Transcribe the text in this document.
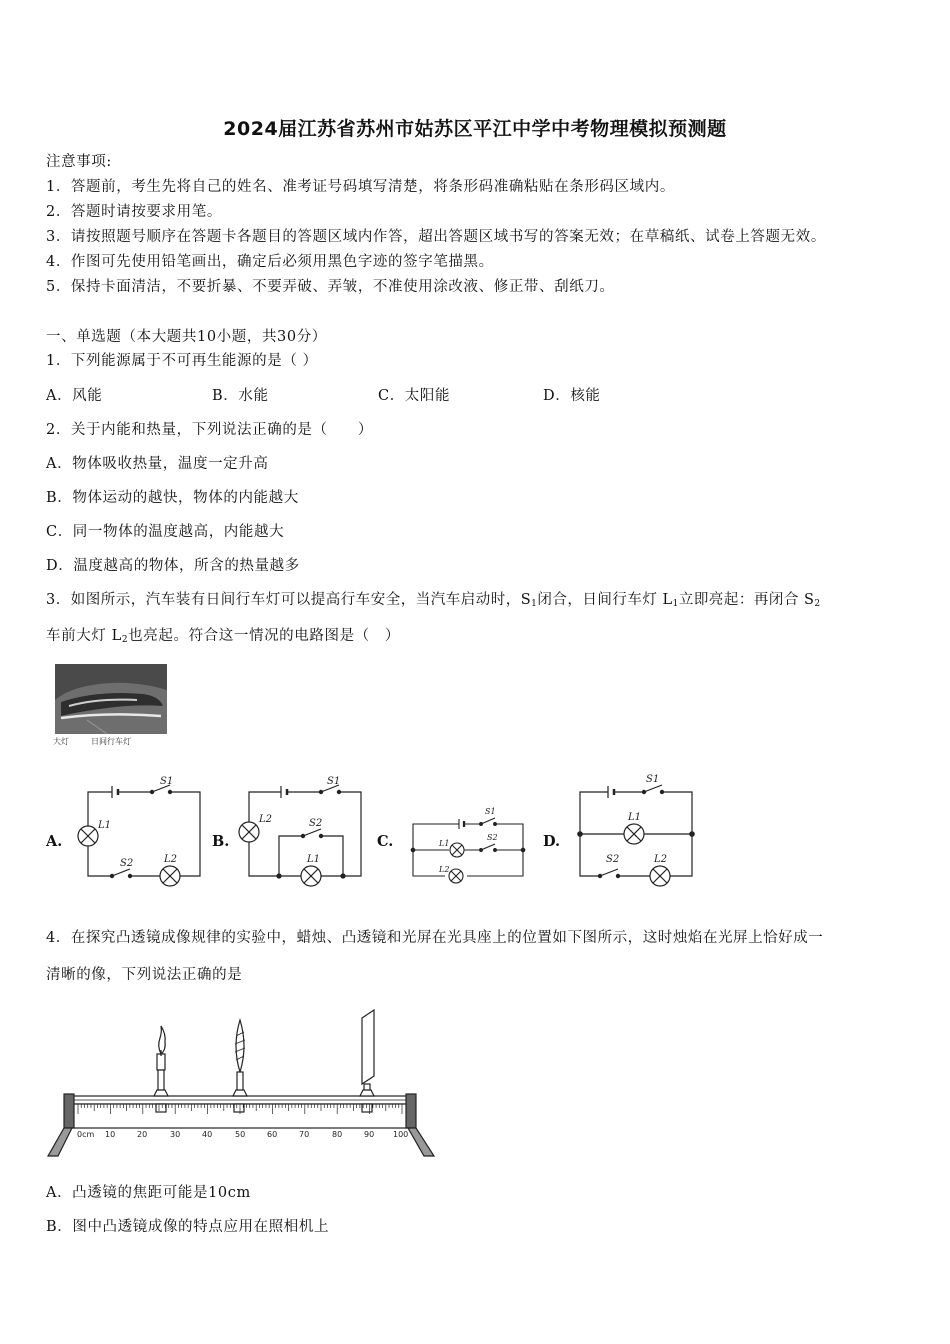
2024届江苏省苏州市姑苏区平江中学中考物理模拟预测题
注意事项:
1．答题前，考生先将自己的姓名、准考证号码填写清楚，将条形码准确粘贴在条形码区域内。
2．答题时请按要求用笔。
3．请按照题号顺序在答题卡各题目的答题区域内作答，超出答题区域书写的答案无效；在草稿纸、试卷上答题无效。
4．作图可先使用铅笔画出，确定后必须用黑色字迹的签字笔描黑。
5．保持卡面清洁，不要折暴、不要弄破、弄皱，不准使用涂改液、修正带、刮纸刀。
一、单选题（本大题共10小题，共30分）
1．下列能源属于不可再生能源的是（ ）
A．风能	B．水能	C．太阳能	D．核能
2．关于内能和热量，下列说法正确的是（　　）
A．物体吸收热量，温度一定升高
B．物体运动的越快，物体的内能越大
C．同一物体的温度越高，内能越大
D．温度越高的物体，所含的热量越多
3．如图所示，汽车装有日间行车灯可以提高行车安全，当汽车启动时，$S_1$闭合，日间行车灯 $L_1$立即亮起：再闭合 $S_2$
车前大灯 $L_2$也亮起。符合这一情况的电路图是（　）
大灯	日间行车灯
A.	B.	C.	D.
S1
L1
S2	L2
S1
L2	S2
L1
S1
L1
S2
L2
S1
L1
S2	L2
4．在探究凸透镜成像规律的实验中，蜡烛、凸透镜和光屏在光具座上的位置如下图所示，这时烛焰在光屏上恰好成一
清晰的像，下列说法正确的是
0cm 10	20	30	40	50	60	70	80	90 100
A．凸透镜的焦距可能是10cm
B．图中凸透镜成像的特点应用在照相机上
